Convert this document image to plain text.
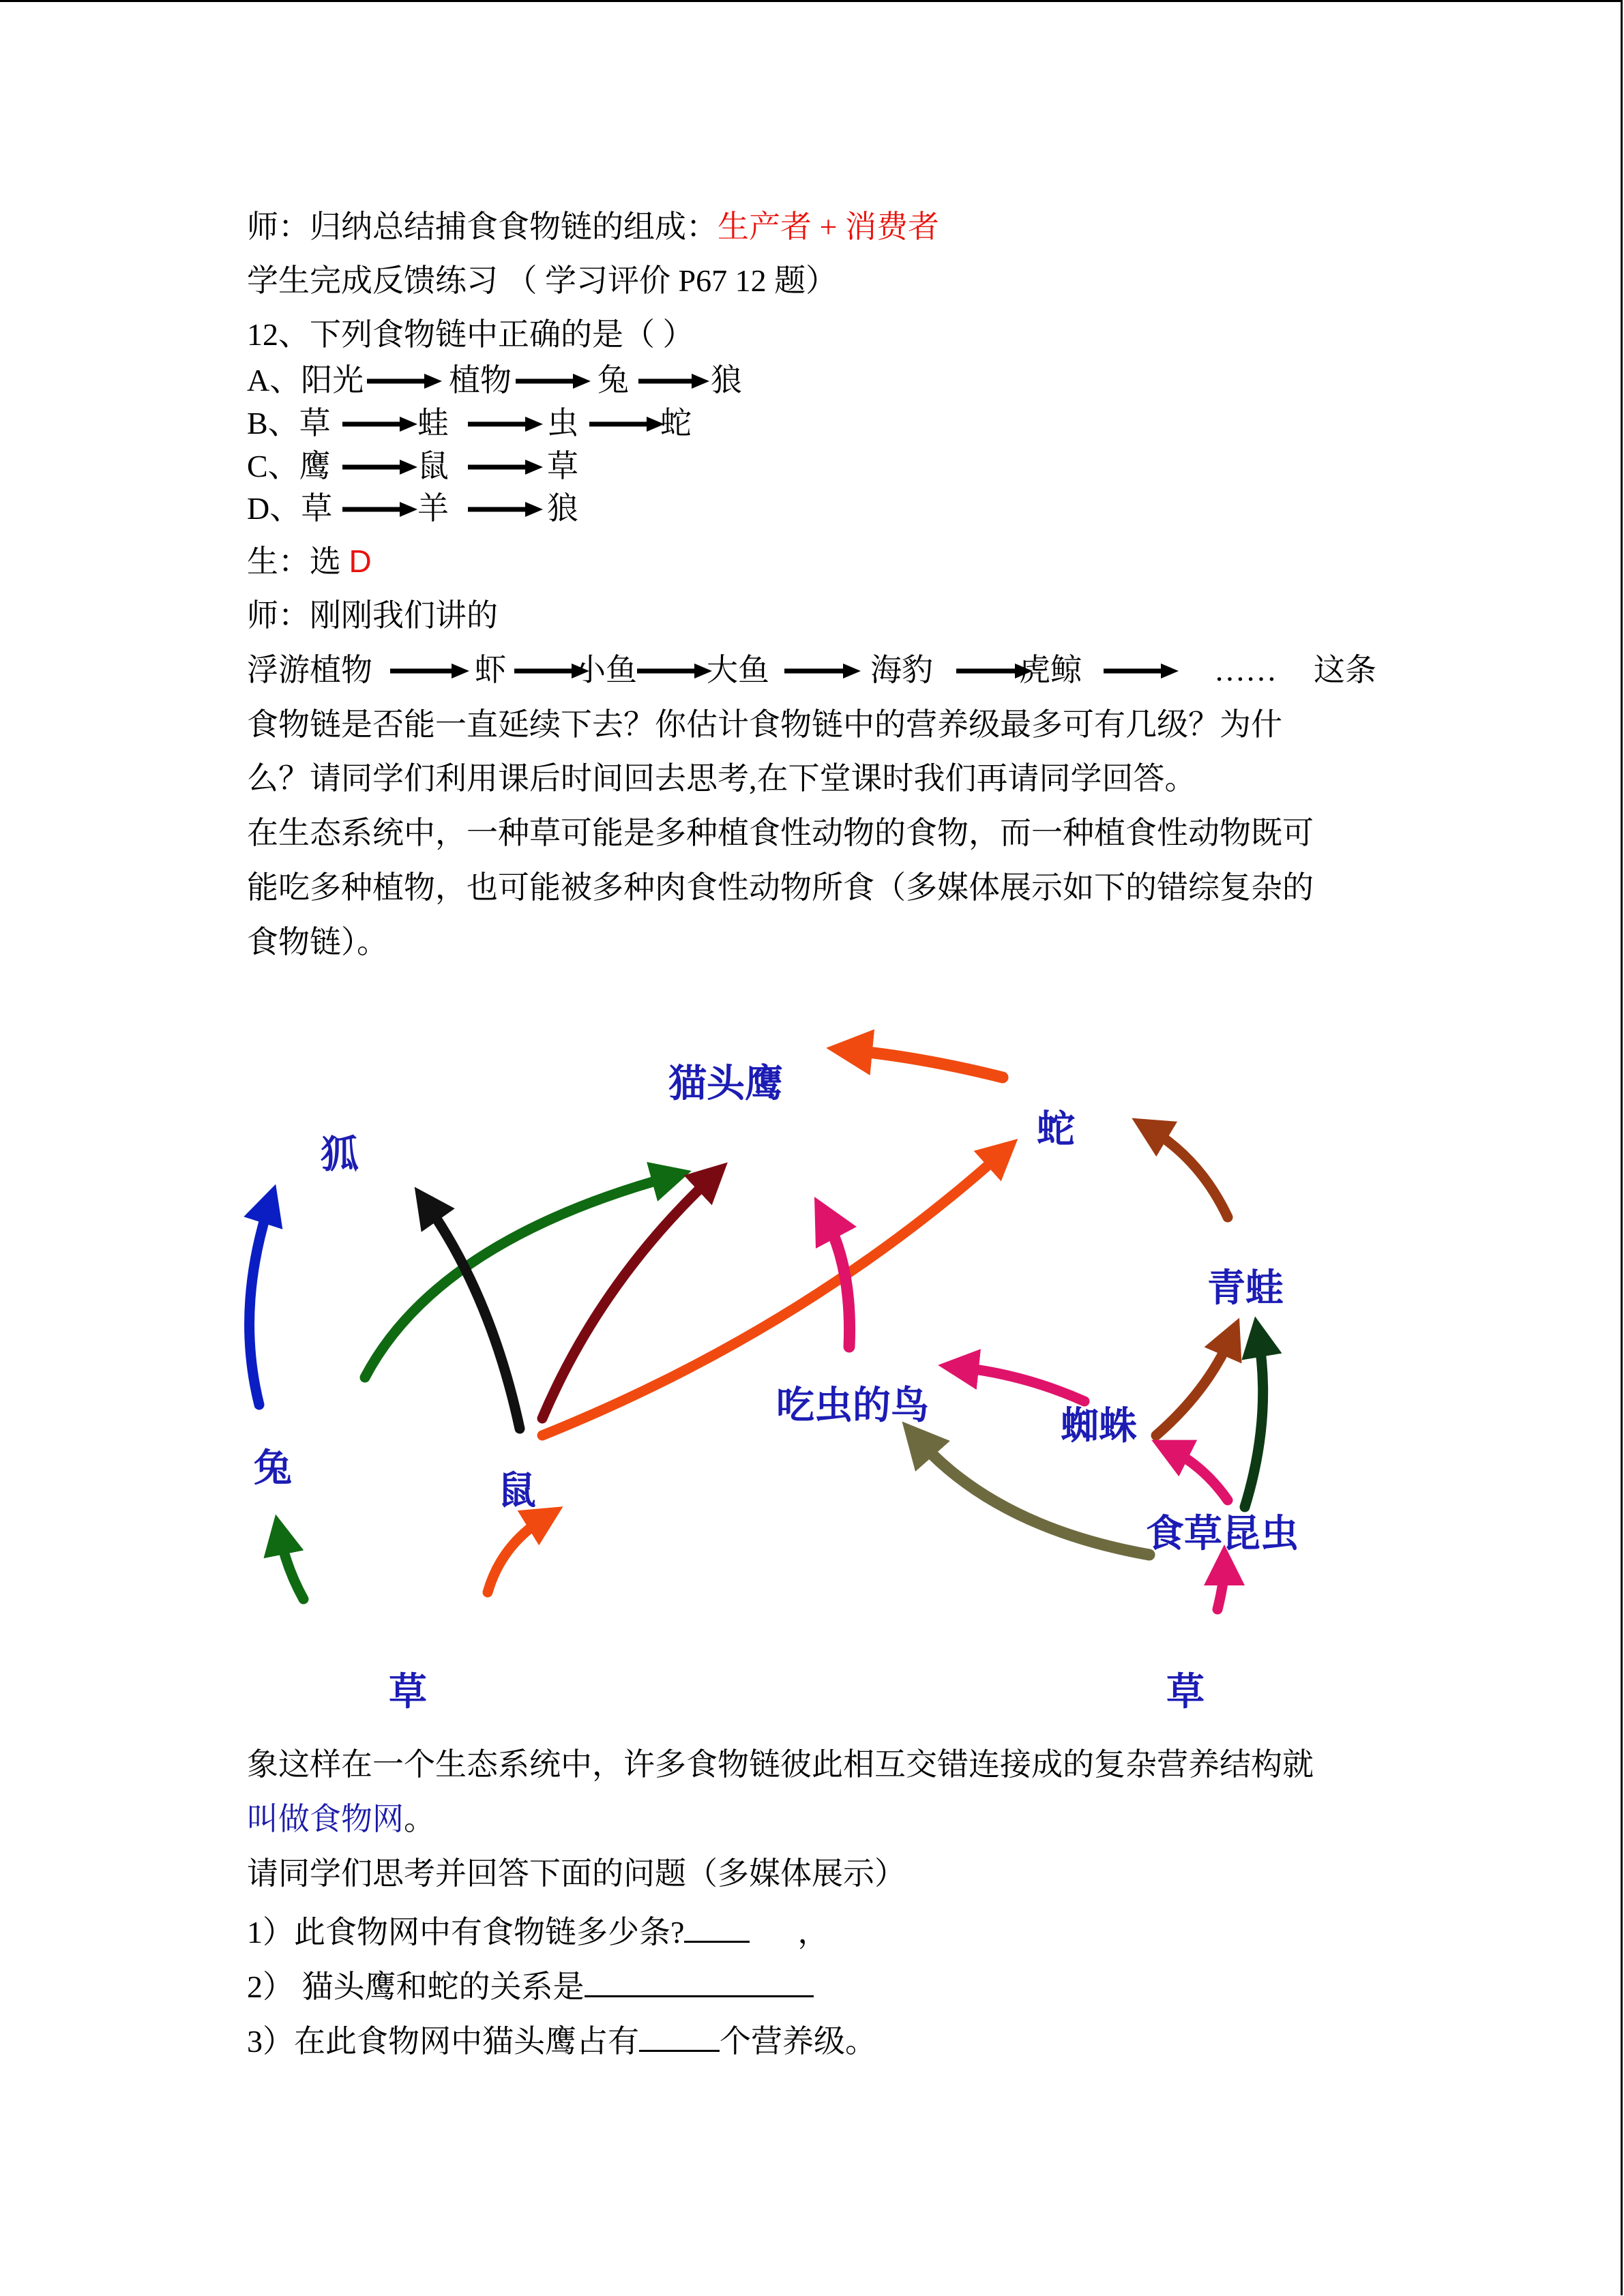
师：归纳总结捕食食物链的组成：生产者 + 消费者

学生完成反馈练习 （ 学习评价 P67 12 题）

12、下列食物链中正确的是（ ）

A、阳光	植物	兔	狼
B、草	蛙	虫	蛇
C、鹰	鼠	草
D、草	羊	狼

生：选 D

师：刚刚我们讲的

浮游植物	虾 小鱼 大鱼	海豹	虎鲸	…… 这条

食物链是否能一直延续下去？你估计食物链中的营养级最多可有几级？为什

么？请同学们利用课后时间回去思考,在下堂课时我们再请同学回答。

在生态系统中，一种草可能是多种植食性动物的食物，而一种植食性动物既可

能吃多种植物，也可能被多种肉食性动物所食（多媒体展示如下的错综复杂的

食物链）。

猫头鹰
蛇
狐
青蛙
吃虫的鸟	蜘蛛
兔
鼠
食草昆虫
草	草

象这样在一个生态系统中，许多食物链彼此相互交错连接成的复杂营养结构就

叫做食物网。

请同学们思考并回答下面的问题（多媒体展示）

1）此食物网中有食物链多少条?	，

2） 猫头鹰和蛇的关系是

3）在此食物网中猫头鹰占有	个营养级。
